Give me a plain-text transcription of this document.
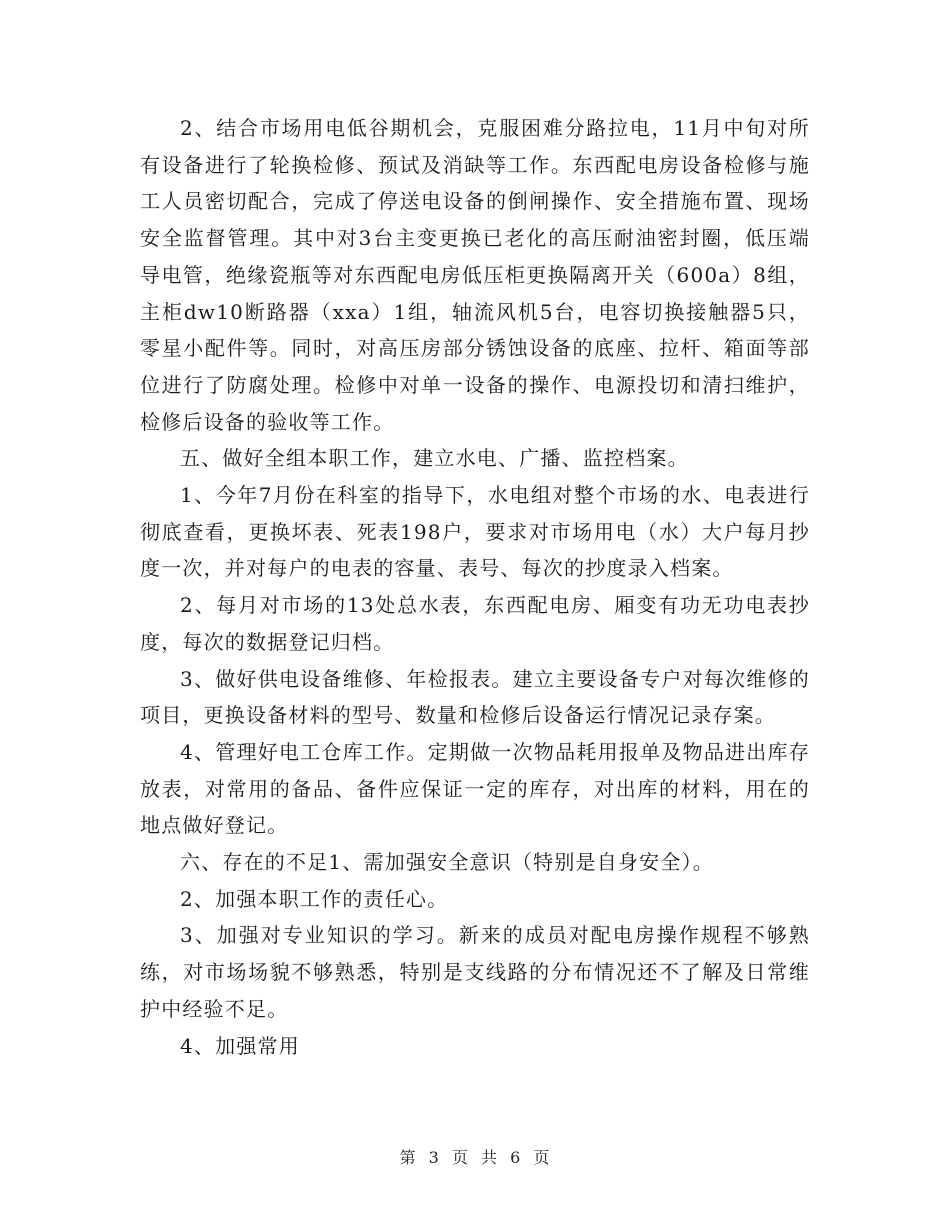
2、结合市场用电低谷期机会，克服困难分路拉电，11月中旬对所有设备进行了轮换检修、预试及消缺等工作。东西配电房设备检修与施工人员密切配合，完成了停送电设备的倒闸操作、安全措施布置、现场安全监督管理。其中对3台主变更换已老化的高压耐油密封圈，低压端导电管，绝缘瓷瓶等对东西配电房低压柜更换隔离开关（600a）8组，主柜dw10断路器（xxa）1组，轴流风机5台，电容切换接触器5只，零星小配件等。同时，对高压房部分锈蚀设备的底座、拉杆、箱面等部位进行了防腐处理。检修中对单一设备的操作、电源投切和清扫维护，检修后设备的验收等工作。

五、做好全组本职工作，建立水电、广播、监控档案。

1、今年7月份在科室的指导下，水电组对整个市场的水、电表进行彻底查看，更换坏表、死表198户，要求对市场用电（水）大户每月抄度一次，并对每户的电表的容量、表号、每次的抄度录入档案。

2、每月对市场的13处总水表，东西配电房、厢变有功无功电表抄度，每次的数据登记归档。

3、做好供电设备维修、年检报表。建立主要设备专户对每次维修的项目，更换设备材料的型号、数量和检修后设备运行情况记录存案。

4、管理好电工仓库工作。定期做一次物品耗用报单及物品进出库存放表，对常用的备品、备件应保证一定的库存，对出库的材料，用在的地点做好登记。

六、存在的不足1、需加强安全意识（特别是自身安全）。

2、加强本职工作的责任心。

3、加强对专业知识的学习。新来的成员对配电房操作规程不够熟练，对市场场貌不够熟悉，特别是支线路的分布情况还不了解及日常维护中经验不足。

4、加强常用

第 3 页 共 6 页
